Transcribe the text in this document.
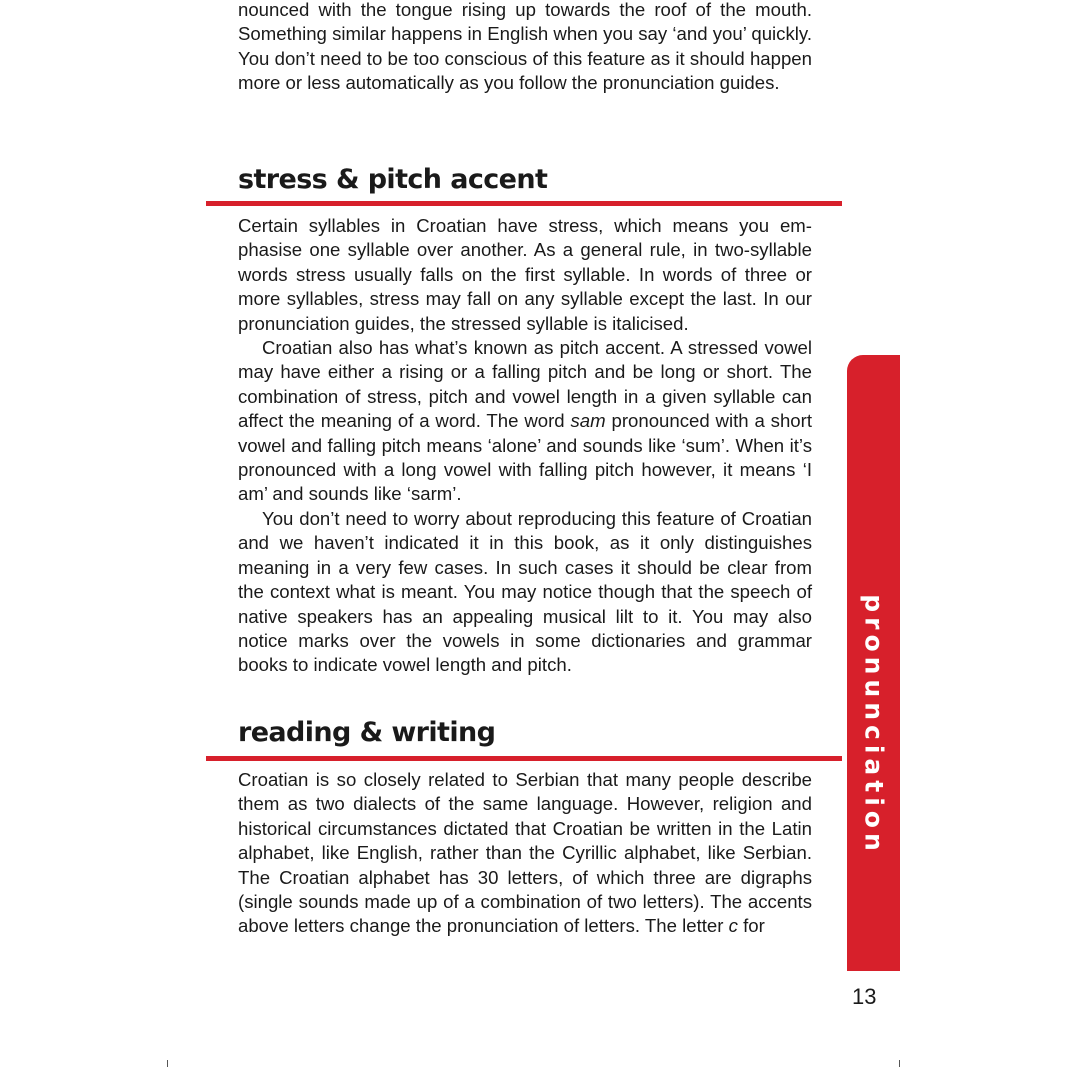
nounced with the tongue rising up towards the roof of the mouth. Something similar happens in English when you say ‘and you’ quickly. You don’t need to be too conscious of this feature as it should happen more or less automatically as you follow the pronunciation guides.

stress & pitch accent

Certain syllables in Croatian have stress, which means you emphasise one syllable over another. As a general rule, in two-syllable words stress usually falls on the first syllable. In words of three or more syllables, stress may fall on any syllable except the last. In our pronunciation guides, the stressed syllable is italicised.

Croatian also has what’s known as pitch accent. A stressed vowel may have either a rising or a falling pitch and be long or short. The combination of stress, pitch and vowel length in a given syllable can affect the meaning of a word. The word sam pronounced with a short vowel and falling pitch means ‘alone’ and sounds like ‘sum’. When it’s pronounced with a long vowel with falling pitch however, it means ‘I am’ and sounds like ‘sarm’.

You don’t need to worry about reproducing this feature of Croatian and we haven’t indicated it in this book, as it only distinguishes meaning in a very few cases. In such cases it should be clear from the context what is meant. You may notice though that the speech of native speakers has an appealing musical lilt to it. You may also notice marks over the vowels in some dictionaries and grammar books to indicate vowel length and pitch.

reading & writing

Croatian is so closely related to Serbian that many people describe them as two dialects of the same language. However, religion and historical circumstances dictated that Croatian be written in the Latin alphabet, like English, rather than the Cyrillic alphabet, like Serbian. The Croatian alphabet has 30 letters, of which three are digraphs (single sounds made up of a combination of two letters). The accents above letters change the pronunciation of letters. The letter c for

pronunciation
13
